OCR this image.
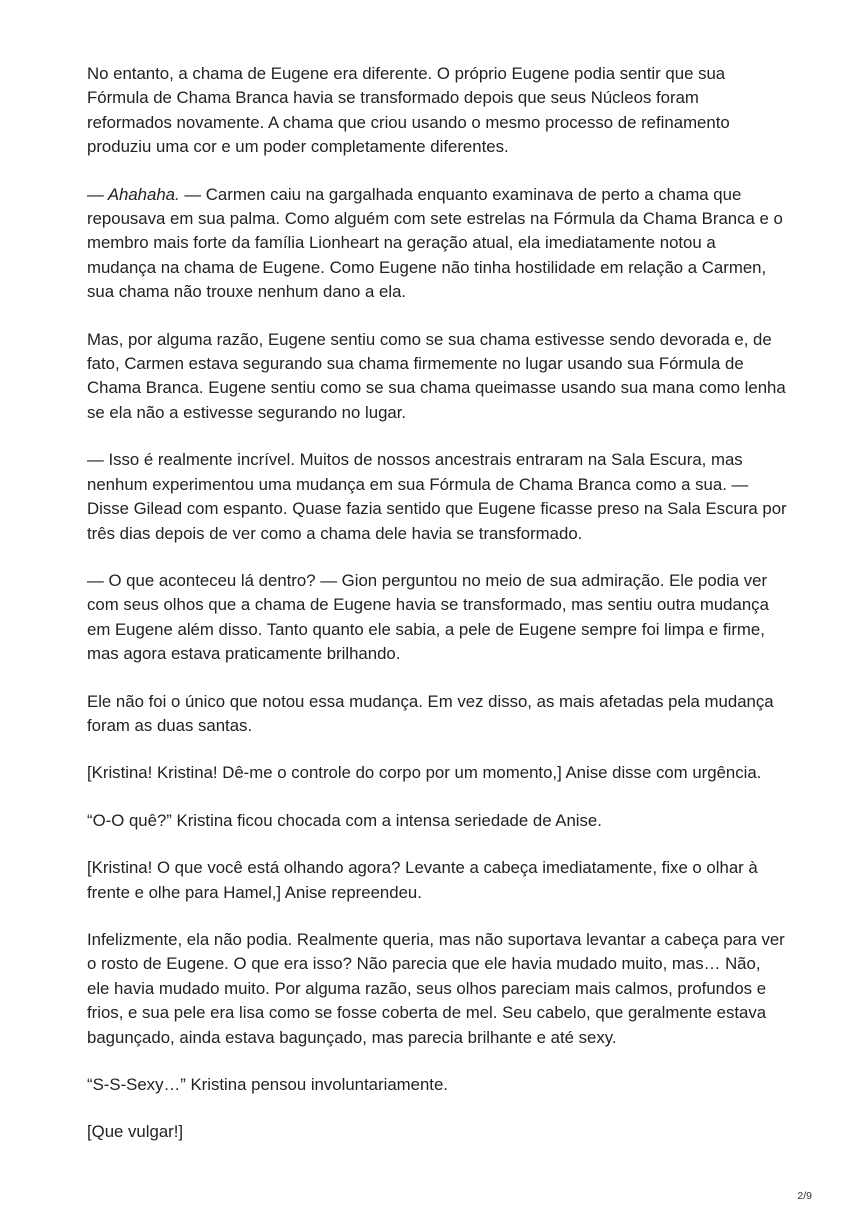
No entanto, a chama de Eugene era diferente. O próprio Eugene podia sentir que sua Fórmula de Chama Branca havia se transformado depois que seus Núcleos foram reformados novamente. A chama que criou usando o mesmo processo de refinamento produziu uma cor e um poder completamente diferentes.

— Ahahaha. — Carmen caiu na gargalhada enquanto examinava de perto a chama que repousava em sua palma. Como alguém com sete estrelas na Fórmula da Chama Branca e o membro mais forte da família Lionheart na geração atual, ela imediatamente notou a mudança na chama de Eugene. Como Eugene não tinha hostilidade em relação a Carmen, sua chama não trouxe nenhum dano a ela.

Mas, por alguma razão, Eugene sentiu como se sua chama estivesse sendo devorada e, de fato, Carmen estava segurando sua chama firmemente no lugar usando sua Fórmula de Chama Branca. Eugene sentiu como se sua chama queimasse usando sua mana como lenha se ela não a estivesse segurando no lugar.

— Isso é realmente incrível. Muitos de nossos ancestrais entraram na Sala Escura, mas nenhum experimentou uma mudança em sua Fórmula de Chama Branca como a sua. — Disse Gilead com espanto. Quase fazia sentido que Eugene ficasse preso na Sala Escura por três dias depois de ver como a chama dele havia se transformado.

— O que aconteceu lá dentro? — Gion perguntou no meio de sua admiração. Ele podia ver com seus olhos que a chama de Eugene havia se transformado, mas sentiu outra mudança em Eugene além disso. Tanto quanto ele sabia, a pele de Eugene sempre foi limpa e firme, mas agora estava praticamente brilhando.

Ele não foi o único que notou essa mudança. Em vez disso, as mais afetadas pela mudança foram as duas santas.

[Kristina! Kristina! Dê-me o controle do corpo por um momento,] Anise disse com urgência.

“O-O quê?” Kristina ficou chocada com a intensa seriedade de Anise.

[Kristina! O que você está olhando agora? Levante a cabeça imediatamente, fixe o olhar à frente e olhe para Hamel,] Anise repreendeu.

Infelizmente, ela não podia. Realmente queria, mas não suportava levantar a cabeça para ver o rosto de Eugene. O que era isso? Não parecia que ele havia mudado muito, mas… Não, ele havia mudado muito. Por alguma razão, seus olhos pareciam mais calmos, profundos e frios, e sua pele era lisa como se fosse coberta de mel. Seu cabelo, que geralmente estava bagunçado, ainda estava bagunçado, mas parecia brilhante e até sexy.

“S-S-Sexy…” Kristina pensou involuntariamente.

[Que vulgar!]

2/9
